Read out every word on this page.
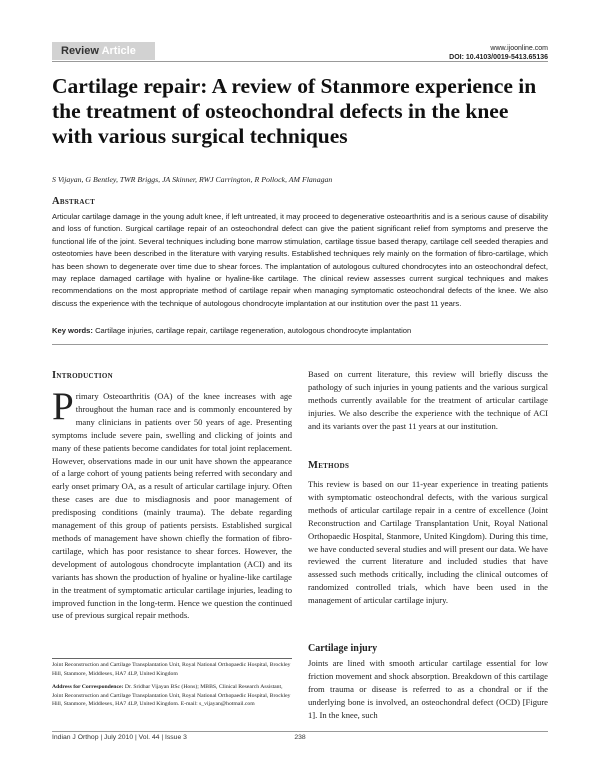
Review Article	www.ijoonline.com
DOI: 10.4103/0019-5413.65136
Cartilage repair: A review of Stanmore experience in the treatment of osteochondral defects in the knee with various surgical techniques
S Vijayan, G Bentley, TWR Briggs, JA Skinner, RWJ Carrington, R Pollock, AM Flanagan
Abstract
Articular cartilage damage in the young adult knee, if left untreated, it may proceed to degenerative osteoarthritis and is a serious cause of disability and loss of function. Surgical cartilage repair of an osteochondral defect can give the patient significant relief from symptoms and preserve the functional life of the joint. Several techniques including bone marrow stimulation, cartilage tissue based therapy, cartilage cell seeded therapies and osteotomies have been described in the literature with varying results. Established techniques rely mainly on the formation of fibro-cartilage, which has been shown to degenerate over time due to shear forces. The implantation of autologous cultured chondrocytes into an osteochondral defect, may replace damaged cartilage with hyaline or hyaline-like cartilage. The clinical review assesses current surgical techniques and makes recommendations on the most appropriate method of cartilage repair when managing symptomatic osteochondral defects of the knee. We also discuss the experience with the technique of autologous chondrocyte implantation at our institution over the past 11 years.
Key words: Cartilage injuries, cartilage repair, cartilage regeneration, autologous chondrocyte implantation
Introduction
Primary Osteoarthritis (OA) of the knee increases with age throughout the human race and is commonly encountered by many clinicians in patients over 50 years of age. Presenting symptoms include severe pain, swelling and clicking of joints and many of these patients become candidates for total joint replacement. However, observations made in our unit have shown the appearance of a large cohort of young patients being referred with secondary and early onset primary OA, as a result of articular cartilage injury. Often these cases are due to misdiagnosis and poor management of predisposing conditions (mainly trauma). The debate regarding management of this group of patients persists. Established surgical methods of management have shown chiefly the formation of fibro-cartilage, which has poor resistance to shear forces. However, the development of autologous chondrocyte implantation (ACI) and its variants has shown the production of hyaline or hyaline-like cartilage in the treatment of symptomatic articular cartilage injuries, leading to improved function in the long-term. Hence we question the continued use of previous surgical repair methods.
Joint Reconstruction and Cartilage Transplantation Unit, Royal National Orthopaedic Hospital, Brockley Hill, Stanmore, Middlesex, HA7 4LP, United Kingdom
Address for Correspondence: Dr. Sridhar Vijayan BSc (Hons); MBBS, Clinical Research Assistant, Joint Reconstruction and Cartilage Transplantation Unit, Royal National Orthopaedic Hospital, Brockley Hill, Stanmore, Middlesex, HA7 4LP, United Kingdom. E-mail: s_vijayan@hotmail.com
Based on current literature, this review will briefly discuss the pathology of such injuries in young patients and the various surgical methods currently available for the treatment of articular cartilage injuries. We also describe the experience with the technique of ACI and its variants over the past 11 years at our institution.
Methods
This review is based on our 11-year experience in treating patients with symptomatic osteochondral defects, with the various surgical methods of articular cartilage repair in a centre of excellence (Joint Reconstruction and Cartilage Transplantation Unit, Royal National Orthopaedic Hospital, Stanmore, United Kingdom). During this time, we have conducted several studies and will present our data. We have reviewed the current literature and included studies that have assessed such methods critically, including the clinical outcomes of randomized controlled trials, which have been used in the management of articular cartilage injury.
Cartilage injury
Joints are lined with smooth articular cartilage essential for low friction movement and shock absorption. Breakdown of this cartilage from trauma or disease is referred to as a chondral or if the underlying bone is involved, an osteochondral defect (OCD) [Figure 1]. In the knee, such
Indian J Orthop | July 2010 | Vol. 44 | Issue 3	238
